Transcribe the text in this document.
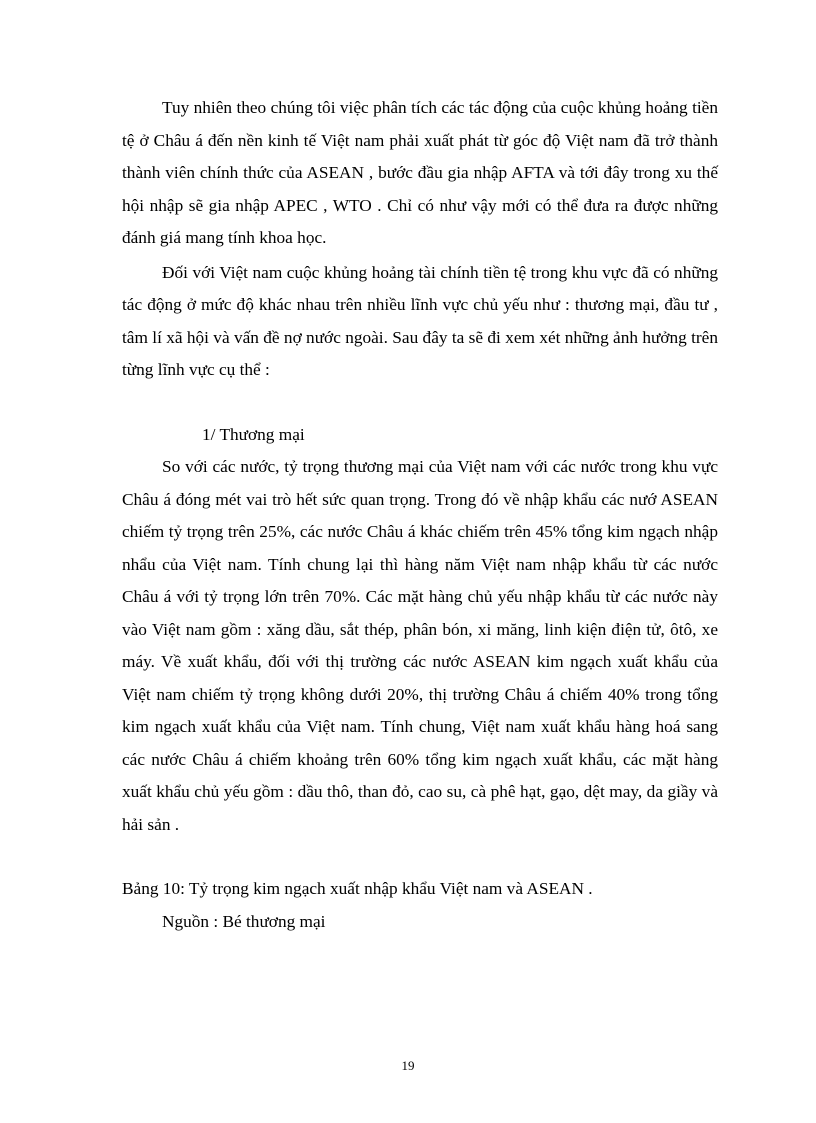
Tuy nhiên theo chúng tôi việc phân tích các tác động của cuộc khủng hoảng tiền tệ ở Châu á đến nền kinh tế Việt nam phải xuất phát từ góc độ Việt nam đã trở thành thành viên chính thức của ASEAN , bước đầu gia nhập AFTA và tới đây trong xu thế hội nhập sẽ gia nhập APEC , WTO . Chỉ có như vậy mới có thể đưa ra được những đánh giá mang tính khoa học.

Đối với Việt nam cuộc khủng hoảng tài chính tiền tệ trong khu vực đã có những tác động ở mức độ khác nhau trên nhiều lĩnh vực chủ yếu như : thương mại, đầu tư , tâm lí xã hội và vấn đề nợ nước ngoài. Sau đây ta sẽ đi xem xét những ảnh hưởng trên từng lĩnh vực cụ thể :

1/ Thương mại

So với các nước, tỷ trọng thương mại của Việt nam với các nước trong khu vực Châu á đóng mét vai trò hết sức quan trọng. Trong đó về nhập khẩu các nướ ASEAN chiếm tỷ trọng trên 25%, các nước Châu á khác chiếm trên 45% tổng kim ngạch nhập nhẩu của Việt nam. Tính chung lại thì hàng năm Việt nam nhập khẩu từ các nước Châu á với tỷ trọng lớn trên 70%. Các mặt hàng chủ yếu nhập khẩu từ các nước này vào Việt nam gồm : xăng dầu, sắt thép, phân bón, xi măng, linh kiện điện tử, ôtô, xe máy. Về xuất khẩu, đối với thị trường các nước ASEAN kim ngạch xuất khẩu của Việt nam chiếm tỷ trọng không dưới 20%, thị trường Châu á chiếm 40% trong tổng kim ngạch xuất khẩu của Việt nam. Tính chung, Việt nam xuất khẩu hàng hoá sang các nước Châu á chiếm khoảng trên 60% tổng kim ngạch xuất khẩu, các mặt hàng xuất khẩu chủ yếu gồm : dầu thô, than đỏ, cao su, cà phê hạt, gạo, dệt may, da giầy và hải sản .

Bảng 10: Tỷ trọng kim ngạch xuất nhập khẩu Việt nam và ASEAN .

Nguồn : Bé thương mại

19
